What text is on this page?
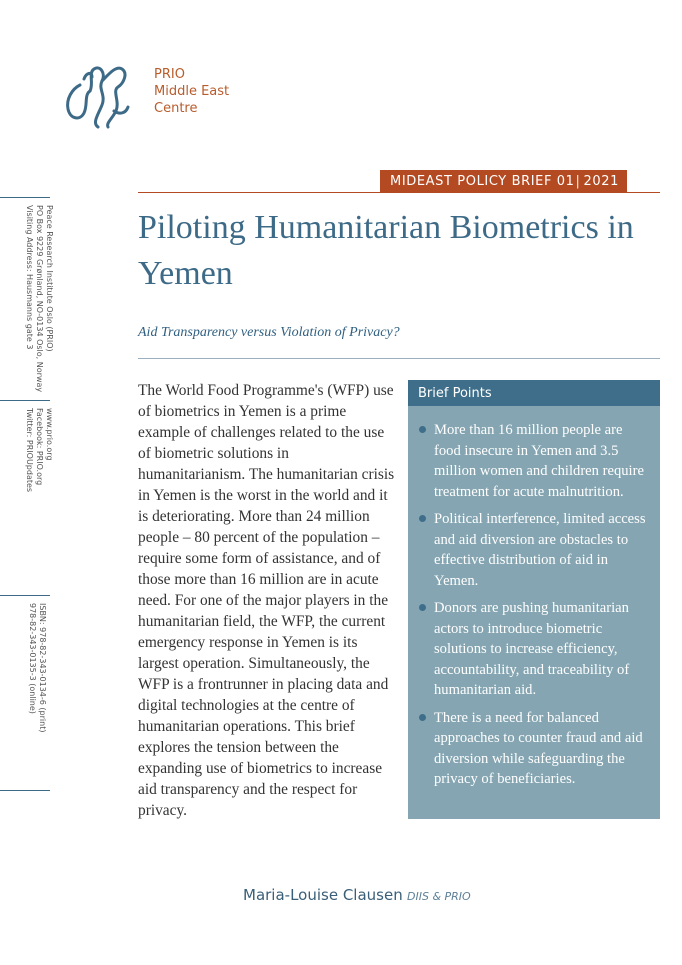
PRIO
Middle East
Centre
MIDEAST POLICY BRIEF 01 | 2021
Piloting Humanitarian Biometrics in Yemen
Aid Transparency versus Violation of Privacy?
Peace Research Institute Oslo (PRIO)
PO Box 9229 Grønland, NO-0134 Oslo, Norway
Visiting Address: Hausmanns gate 3
www.prio.org
Facebook: PRIO.org
Twitter: PRIOUpdates
ISBN: 978-82-343-0134-6 (print)
978-82-343-0135-3 (online)

The World Food Programme's (WFP) use of biometrics in Yemen is a prime example of challenges related to the use of biometric solutions in humanitarianism. The humanitarian crisis in Yemen is the worst in the world and it is deteriorating. More than 24 million people – 80 percent of the population – require some form of assistance, and of those more than 16 million are in acute need. For one of the major players in the humanitarian field, the WFP, the current emergency response in Yemen is its largest operation. Simultaneously, the WFP is a frontrunner in placing data and digital technologies at the centre of humanitarian operations. This brief explores the tension between the expanding use of biometrics to increase aid transparency and the respect for privacy.

Brief Points
More than 16 million people are food insecure in Yemen and 3.5 million women and children require treatment for acute malnutrition.
Political interference, limited access and aid diversion are obstacles to effective distribution of aid in Yemen.
Donors are pushing humanitarian actors to introduce biometric solutions to increase efficiency, accountability, and traceability of humanitarian aid.
There is a need for balanced approaches to counter fraud and aid diversion while safeguarding the privacy of beneficiaries.
Maria-Louise Clausen DIIS & PRIO
